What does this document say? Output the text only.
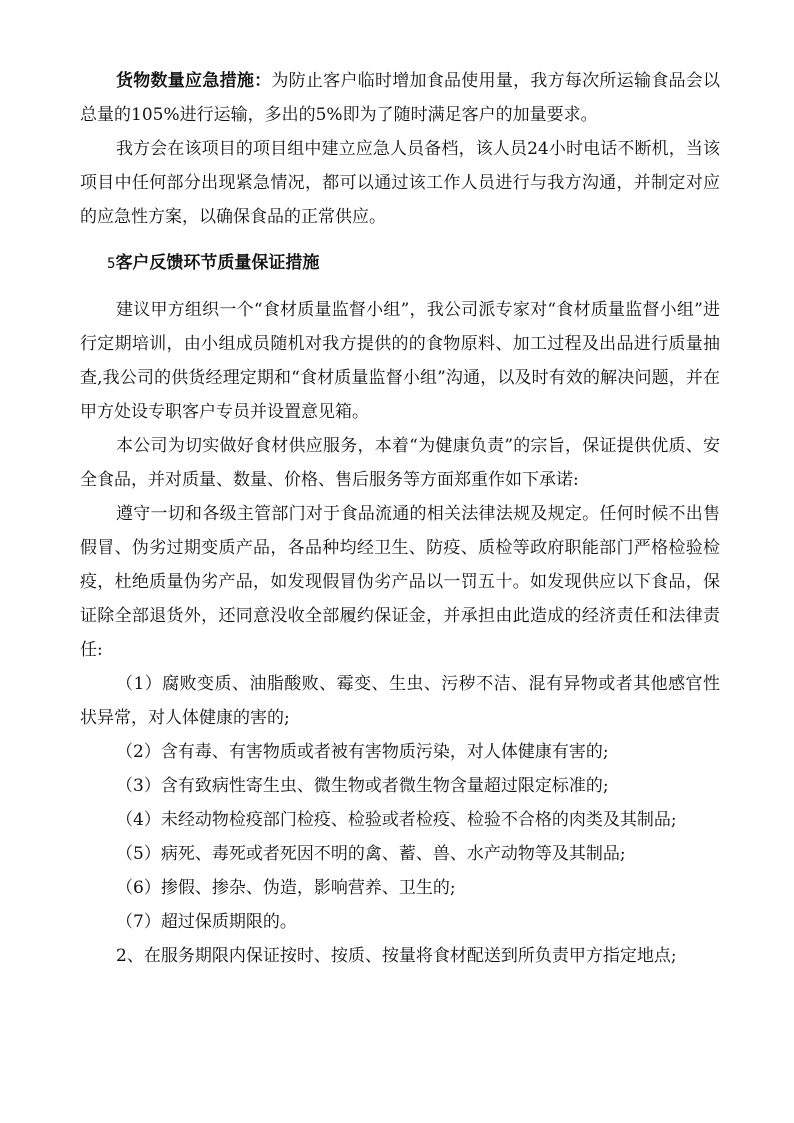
货物数量应急措施：为防止客户临时增加食品使用量，我方每次所运输食品会以总量的105%进行运输，多出的5%即为了随时满足客户的加量要求。

我方会在该项目的项目组中建立应急人员备档，该人员24小时电话不断机，当该项目中任何部分出现紧急情况，都可以通过该工作人员进行与我方沟通，并制定对应的应急性方案，以确保食品的正常供应。

5客户反馈环节质量保证措施

建议甲方组织一个“食材质量监督小组”，我公司派专家对“食材质量监督小组”进行定期培训，由小组成员随机对我方提供的的食物原料、加工过程及出品进行质量抽查,我公司的供货经理定期和“食材质量监督小组”沟通，以及时有效的解决问题，并在甲方处设专职客户专员并设置意见箱。

本公司为切实做好食材供应服务，本着“为健康负责”的宗旨，保证提供优质、安全食品，并对质量、数量、价格、售后服务等方面郑重作如下承诺:

遵守一切和各级主管部门对于食品流通的相关法律法规及规定。任何时候不出售假冒、伪劣过期变质产品，各品种均经卫生、防疫、质检等政府职能部门严格检验检疫，杜绝质量伪劣产品，如发现假冒伪劣产品以一罚五十。如发现供应以下食品，保证除全部退货外，还同意没收全部履约保证金，并承担由此造成的经济责任和法律责任:

（1）腐败变质、油脂酸败、霉变、生虫、污秽不洁、混有异物或者其他感官性状异常，对人体健康的害的;

（2）含有毒、有害物质或者被有害物质污染，对人体健康有害的;

（3）含有致病性寄生虫、微生物或者微生物含量超过限定标准的;

（4）未经动物检疫部门检疫、检验或者检疫、检验不合格的肉类及其制品;

（5）病死、毒死或者死因不明的禽、蓄、兽、水产动物等及其制品;

（6）掺假、掺杂、伪造，影响营养、卫生的;

（7）超过保质期限的。

2、在服务期限内保证按时、按质、按量将食材配送到所负责甲方指定地点;
